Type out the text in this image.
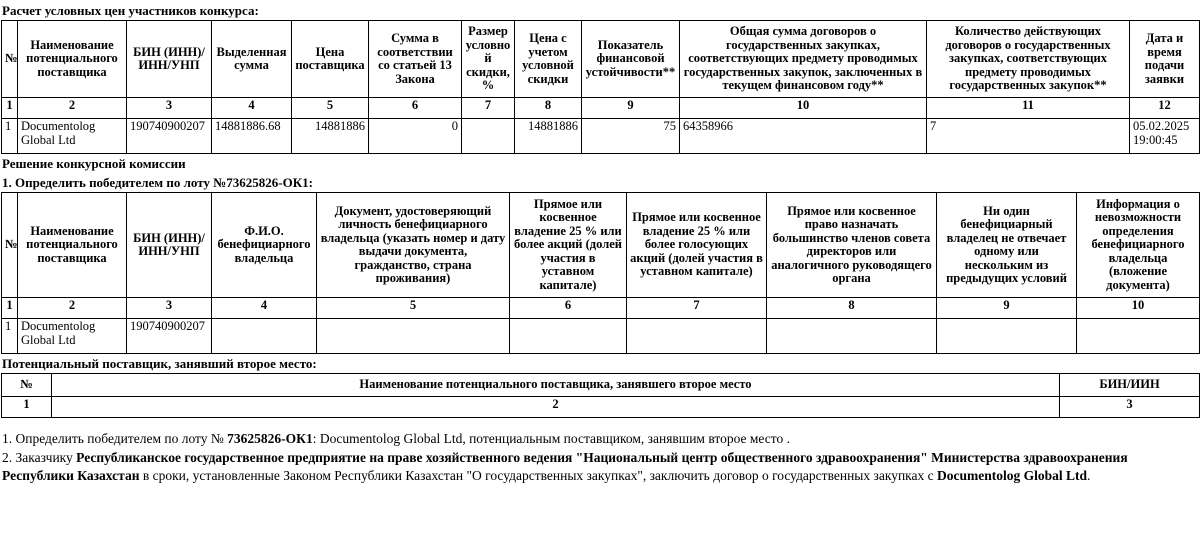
Расчет условных цен участников конкурса:
№	Наименование потенциального поставщика	БИН (ИНН)/ИНН/УНП	Выделенная сумма	Цена поставщика	Сумма в соответствии со статьей 13 Закона	Размер условной скидки, %	Цена с учетом условной скидки	Показатель финансовой устойчивости**	Общая сумма договоров о государственных закупках, соответствующих предмету проводимых государственных закупок, заключенных в текущем финансовом году**	Количество действующих договоров о государственных закупках, соответствующих предмету проводимых государственных закупок**	Дата и время подачи заявки
1	2	3	4	5	6	7	8	9	10	11	12
1	Documentolog Global Ltd	190740900207	14881886.68	14881886	0		14881886	75	64358966	7	05.02.2025 19:00:45
Решение конкурсной комиссии
1. Определить победителем по лоту №73625826-ОК1:
№	Наименование потенциального поставщика	БИН (ИНН)/ИНН/УНП	Ф.И.О. бенефициарного владельца	Документ, удостоверяющий личность бенефициарного владельца (указать номер и дату выдачи документа, гражданство, страна проживания)	Прямое или косвенное владение 25 % или более акций (долей участия в уставном капитале)	Прямое или косвенное владение 25 % или более голосующих акций (долей участия в уставном капитале)	Прямое или косвенное право назначать большинство членов совета директоров или аналогичного руководящего органа	Ни один бенефициарный владелец не отвечает одному или нескольким из предыдущих условий	Информация о невозможности определения бенефициарного владельца (вложение документа)
1	2	3	4	5	6	7	8	9	10
1	Documentolog Global Ltd	190740900207							
Потенциальный поставщик, занявший второе место:
№	Наименование потенциального поставщика, занявшего второе место	БИН/ИИН
1	2	3

1. Определить победителем по лоту № 73625826-ОК1: Documentolog Global Ltd, потенциальным поставщиком, занявшим второе место .

2. Заказчику Республиканское государственное предприятие на праве хозяйственного ведения "Национальный центр общественного здравоохранения" Министерства здравоохранения Республики Казахстан в сроки, установленные Законом Республики Казахстан "О государственных закупках", заключить договор о государственных закупках с Documentolog Global Ltd.
